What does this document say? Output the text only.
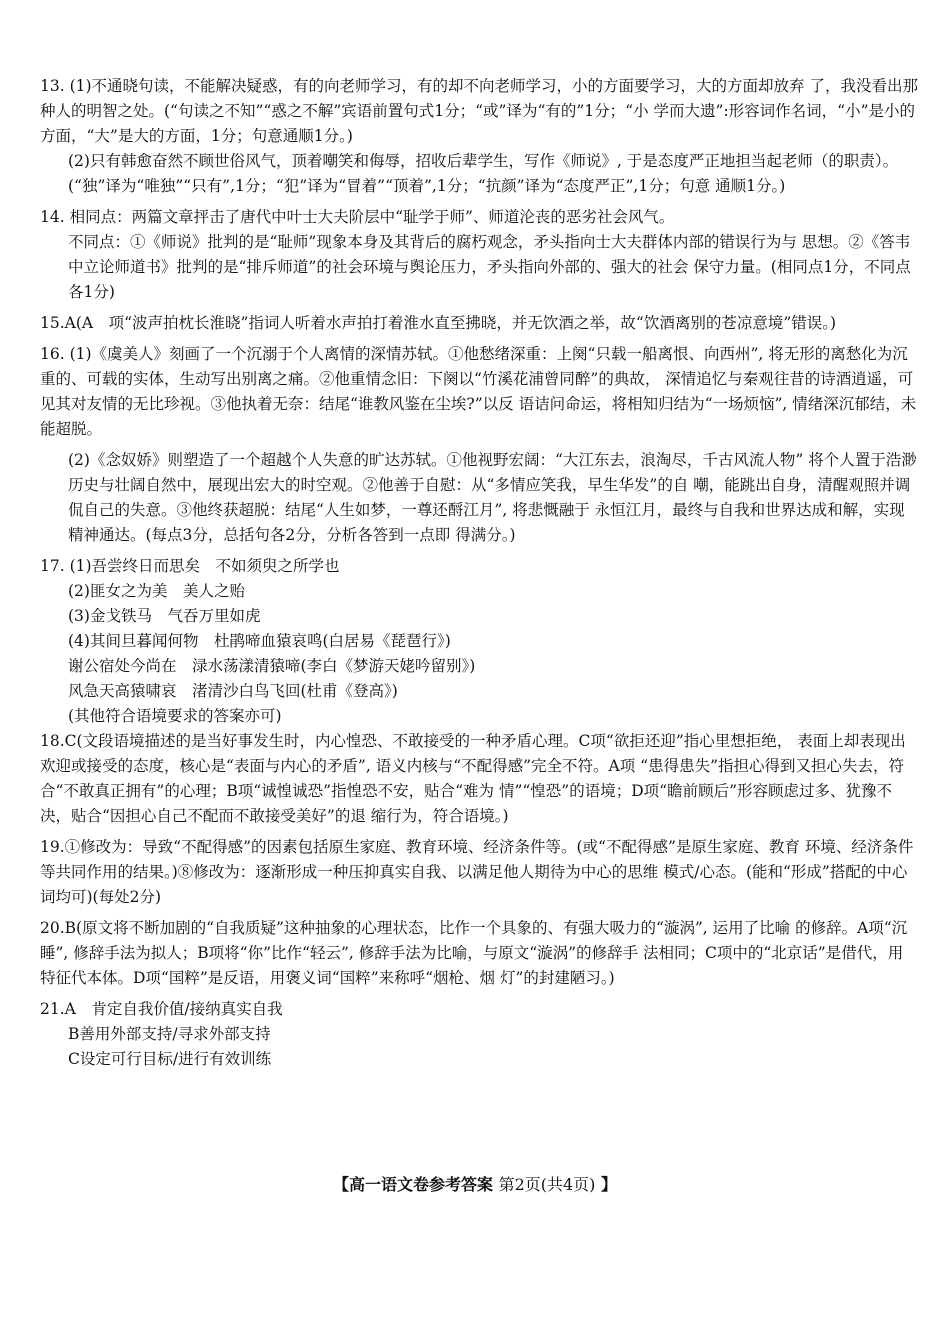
13. (1)不通晓句读，不能解决疑惑，有的向老师学习，有的却不向老师学习，小的方面要学习，大的方面却放弃 了，我没看出那种人的明智之处。(“句读之不知”“惑之不解”宾语前置句式1分；“或”译为“有的”1分；“小 学而大遗”:形容词作名词，“小”是小的方面，“大”是大的方面，1分；句意通顺1分。)

(2)只有韩愈奋然不顾世俗风气，顶着嘲笑和侮辱，招收后辈学生，写作《师说》, 于是态度严正地担当起老师（的职责）。(“独”译为“唯独”“只有”,1分；“犯”译为“冒着”“顶着”,1分；“抗颜”译为“态度严正”,1分；句意 通顺1分。)

14. 相同点：两篇文章抨击了唐代中叶士大夫阶层中“耻学于师”、师道沦丧的恶劣社会风气。

不同点：①《师说》批判的是“耻师”现象本身及其背后的腐朽观念，矛头指向士大夫群体内部的错误行为与 思想。②《答韦中立论师道书》批判的是“排斥师道”的社会环境与舆论压力，矛头指向外部的、强大的社会 保守力量。(相同点1分，不同点各1分)

15.A(A　项“波声拍枕长淮晓”指词人听着水声拍打着淮水直至拂晓，并无饮酒之举，故“饮酒离别的苍凉意境”错误。)

16. (1)《虞美人》刻画了一个沉溺于个人离情的深情苏轼。①他愁绪深重：上阕“只载一船离恨、向西州”, 将无形的离愁化为沉重的、可载的实体，生动写出别离之痛。②他重情念旧：下阕以“竹溪花浦曾同醉”的典故， 深情追忆与秦观往昔的诗酒逍遥，可见其对友情的无比珍视。③他执着无奈：结尾“谁教风鉴在尘埃?”以反 语诘问命运，将相知归结为“一场烦恼”, 情绪深沉郁结，未能超脱。

(2)《念奴娇》则塑造了一个超越个人失意的旷达苏轼。①他视野宏阔：“大江东去，浪淘尽，千古风流人物” 将个人置于浩渺历史与壮阔自然中，展现出宏大的时空观。②他善于自慰：从“多情应笑我，早生华发”的自 嘲，能跳出自身，清醒观照并调侃自己的失意。③他终获超脱：结尾“人生如梦，一尊还酹江月”, 将悲慨融于 永恒江月，最终与自我和世界达成和解，实现精神通达。(每点3分，总括句各2分，分析各答到一点即 得满分。)

17. (1)吾尝终日而思矣　不如须臾之所学也

(2)匪女之为美　美人之贻

(3)金戈铁马　气吞万里如虎

(4)其间旦暮闻何物　杜鹃啼血猿哀鸣(白居易《琵琶行》)

谢公宿处今尚在　渌水荡漾清猿啼(李白《梦游天姥吟留别》)

风急天高猿啸哀　渚清沙白鸟飞回(杜甫《登高》)

(其他符合语境要求的答案亦可)

18.C(文段语境描述的是当好事发生时，内心惶恐、不敢接受的一种矛盾心理。C项“欲拒还迎”指心里想拒绝， 表面上却表现出欢迎或接受的态度，核心是“表面与内心的矛盾”, 语义内核与“不配得感”完全不符。A项 “患得患失”指担心得到又担心失去，符合“不敢真正拥有”的心理；B项“诚惶诚恐”指惶恐不安，贴合“难为 情”“惶恐”的语境；D项“瞻前顾后”形容顾虑过多、犹豫不决，贴合“因担心自己不配而不敢接受美好”的退 缩行为，符合语境。)

19.①修改为：导致“不配得感”的因素包括原生家庭、教育环境、经济条件等。(或“不配得感”是原生家庭、教育 环境、经济条件等共同作用的结果。)⑧修改为：逐渐形成一种压抑真实自我、以满足他人期待为中心的思维 模式/心态。(能和“形成”搭配的中心词均可)(每处2分)

20.B(原文将不断加剧的“自我质疑”这种抽象的心理状态，比作一个具象的、有强大吸力的“漩涡”, 运用了比喻 的修辞。A项“沉睡”, 修辞手法为拟人；B项将“你”比作“轻云”, 修辞手法为比喻，与原文“漩涡”的修辞手 法相同；C项中的“北京话”是借代，用特征代本体。D项“国粹”是反语，用褒义词“国粹”来称呼“烟枪、烟 灯”的封建陋习。)

21.A　肯定自我价值/接纳真实自我

B善用外部支持/寻求外部支持

C设定可行目标/进行有效训练

【高一语文卷参考答案 第2页(共4页) 】
